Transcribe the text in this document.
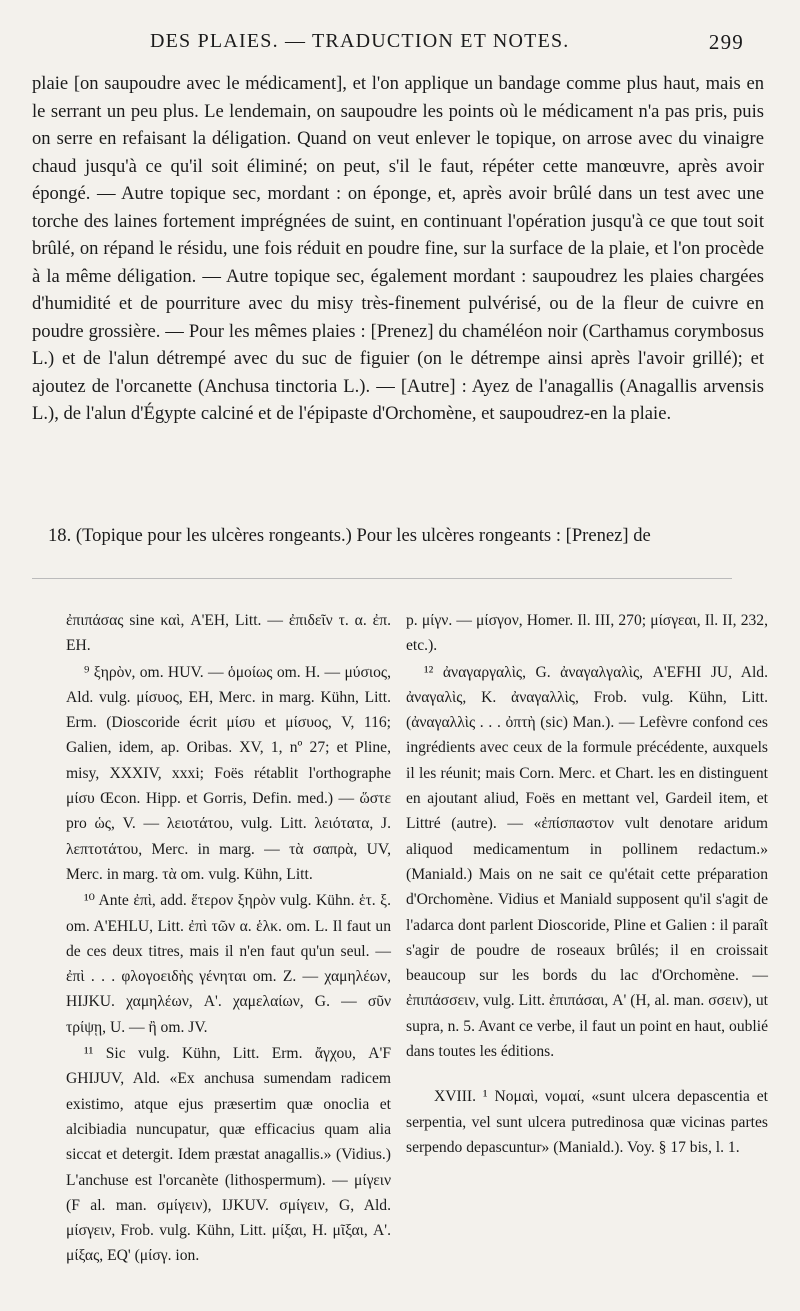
DES PLAIES. — TRADUCTION ET NOTES.	299

plaie [on saupoudre avec le médicament], et l'on applique un bandage comme plus haut, mais en le serrant un peu plus. Le lendemain, on saupoudre les points où le médicament n'a pas pris, puis on serre en refaisant la déligation. Quand on veut enlever le topique, on arrose avec du vinaigre chaud jusqu'à ce qu'il soit éliminé; on peut, s'il le faut, répéter cette manœuvre, après avoir épongé. — Autre topique sec, mordant : on éponge, et, après avoir brûlé dans un test avec une torche des laines fortement imprégnées de suint, en continuant l'opération jusqu'à ce que tout soit brûlé, on répand le résidu, une fois réduit en poudre fine, sur la surface de la plaie, et l'on procède à la même déligation. — Autre topique sec, également mordant : saupoudrez les plaies chargées d'humidité et de pourriture avec du misy très-finement pulvérisé, ou de la fleur de cuivre en poudre grossière. — Pour les mêmes plaies : [Prenez] du chaméléon noir (Carthamus corymbosus L.) et de l'alun détrempé avec du suc de figuier (on le détrempe ainsi après l'avoir grillé); et ajoutez de l'orcanette (Anchusa tinctoria L.). — [Autre] : Ayez de l'anagallis (Anagallis arvensis L.), de l'alun d'Égypte calciné et de l'épipaste d'Orchomène, et saupoudrez-en la plaie.

18. (Topique pour les ulcères rongeants.) Pour les ulcères rongeants : [Prenez] de

ἐπιπάσας sine καὶ, A'EH, Litt. — ἐπιδεῖν τ. α. ἐπ. EH.

⁹ ξηρὸν, om. HUV. — ὁμοίως om. H. — μύσιος, Ald. vulg. μίσυος, EH, Merc. in marg. Kühn, Litt. Erm. (Dioscoride écrit μίσυ et μίσυος, V, 116; Galien, idem, ap. Oribas. XV, 1, nº 27; et Pline, misy, XXXIV, xxxi; Foës rétablit l'orthographe μίσυ Œcon. Hipp. et Gorris, Defin. med.) — ὥστε pro ὡς, V. — λειοτάτου, vulg. Litt. λειότατα, J. λεπτοτάτου, Merc. in marg. — τὰ σαπρὰ, UV, Merc. in marg. τὰ om. vulg. Kühn, Litt.

¹⁰ Ante ἐπὶ, add. ἕτερον ξηρὸν vulg. Kühn. ἑτ. ξ. om. A'EHLU, Litt. ἐπὶ τῶν α. ἑλκ. om. L. Il faut un de ces deux titres, mais il n'en faut qu'un seul. — ἐπὶ . . . φλογοειδὴς γένηται om. Z. — χαμηλέων, HIJKU. χαμηλέων, A'. χαμελαίων, G. — σῦν τρίψῃ, U. — ἢ om. JV.

¹¹ Sic vulg. Kühn, Litt. Erm. ἄγχου, A'F GHIJUV, Ald. «Ex anchusa sumendam radicem existimo, atque ejus præsertim quæ onoclia et alcibiadia nuncupatur, quæ efficacius quam alia siccat et detergit. Idem præstat anagallis.» (Vidius.) L'anchuse est l'orcanète (lithospermum). — μίγειν (F al. man. σμίγειν), IJKUV. σμίγειν, G, Ald. μίσγειν, Frob. vulg. Kühn, Litt. μίξαι, H. μῖξαι, A'. μίξας, EQ' (μίσγ. ion.

p. μίγν. — μίσγον, Homer. Il. III, 270; μίσγεαι, Il. II, 232, etc.).

¹² ἀναγαργαλὶς, G. ἀναγαλγαλὶς, A'EFHI JU, Ald. ἀναγαλὶς, K. ἀναγαλλὶς, Frob. vulg. Kühn, Litt. (ἀναγαλλὶς . . . ὀπτὴ (sic) Man.). — Lefèvre confond ces ingrédients avec ceux de la formule précédente, auxquels il les réunit; mais Corn. Merc. et Chart. les en distinguent en ajoutant aliud, Foës en mettant vel, Gardeil item, et Littré (autre). — «ἐπίσπαστον vult denotare aridum aliquod medicamentum in pollinem redactum.» (Maniald.) Mais on ne sait ce qu'était cette préparation d'Orchomène. Vidius et Maniald supposent qu'il s'agit de l'adarca dont parlent Dioscoride, Pline et Galien : il paraît s'agir de poudre de roseaux brûlés; il en croissait beaucoup sur les bords du lac d'Orchomène. — ἐπιπάσσειν, vulg. Litt. ἐπιπάσαι, A' (H, al. man. σσειν), ut supra, n. 5. Avant ce verbe, il faut un point en haut, oublié dans toutes les éditions.

XVIII. ¹ Νομαὶ, νομαί, «sunt ulcera depascentia et serpentia, vel sunt ulcera putredinosa quæ vicinas partes serpendo depascuntur» (Maniald.). Voy. § 17 bis, l. 1.
